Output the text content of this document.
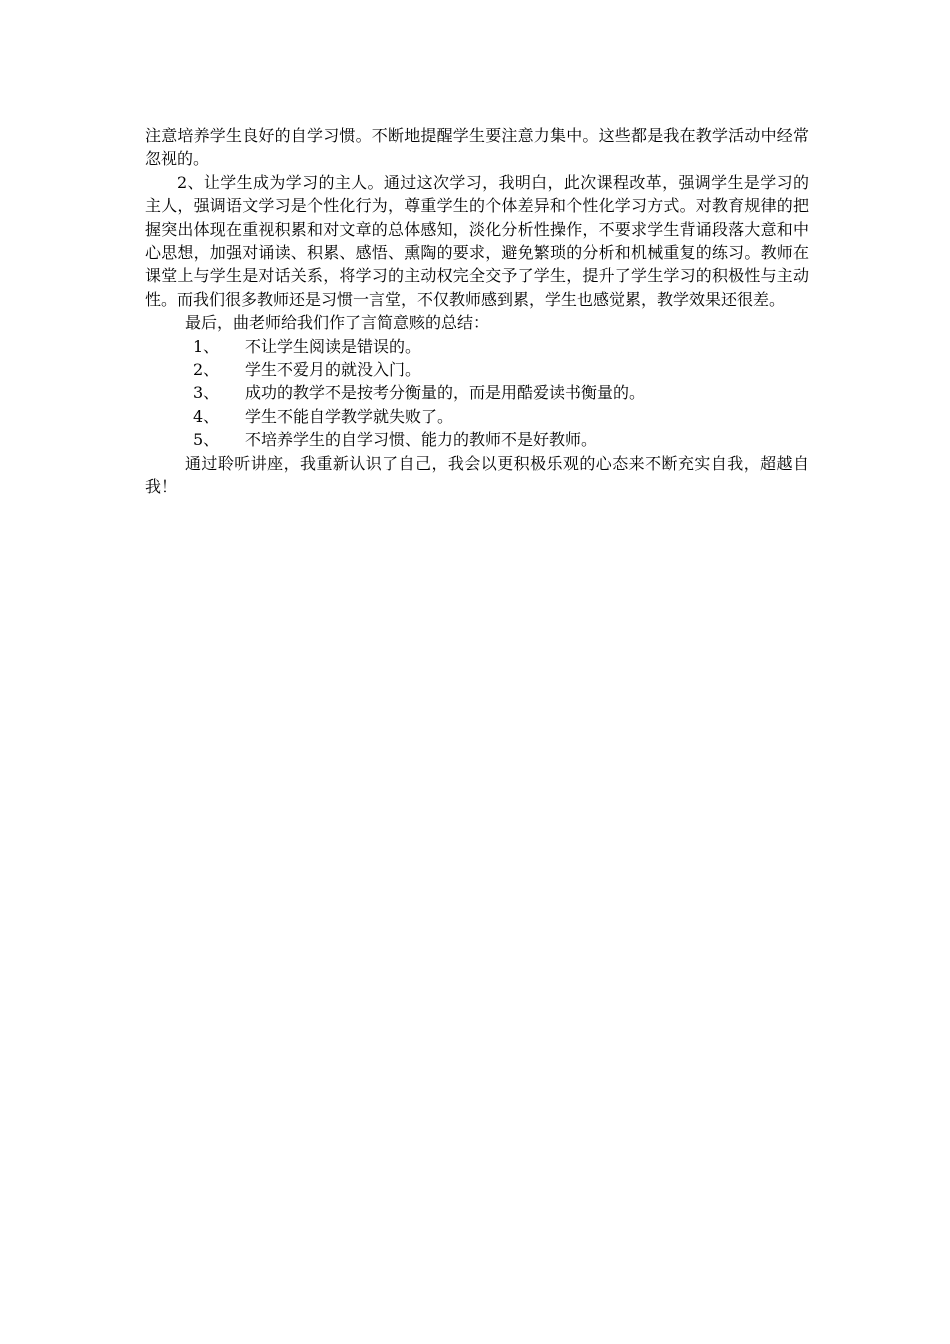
注意培养学生良好的自学习惯。不断地提醒学生要注意力集中。这些都是我在教学活动中经常忽视的。

2、让学生成为学习的主人。通过这次学习，我明白，此次课程改革，强调学生是学习的主人，强调语文学习是个性化行为，尊重学生的个体差异和个性化学习方式。对教育规律的把握突出体现在重视积累和对文章的总体感知，淡化分析性操作，不要求学生背诵段落大意和中心思想，加强对诵读、积累、感悟、熏陶的要求，避免繁琐的分析和机械重复的练习。教师在课堂上与学生是对话关系，将学习的主动权完全交予了学生，提升了学生学习的积极性与主动性。而我们很多教师还是习惯一言堂，不仅教师感到累，学生也感觉累，教学效果还很差。

最后，曲老师给我们作了言简意赅的总结：

1、	不让学生阅读是错误的。
2、	学生不爱月的就没入门。
3、	成功的教学不是按考分衡量的，而是用酷爱读书衡量的。
4、	学生不能自学教学就失败了。
5、	不培养学生的自学习惯、能力的教师不是好教师。

通过聆听讲座，我重新认识了自己，我会以更积极乐观的心态来不断充实自我，超越自我！
